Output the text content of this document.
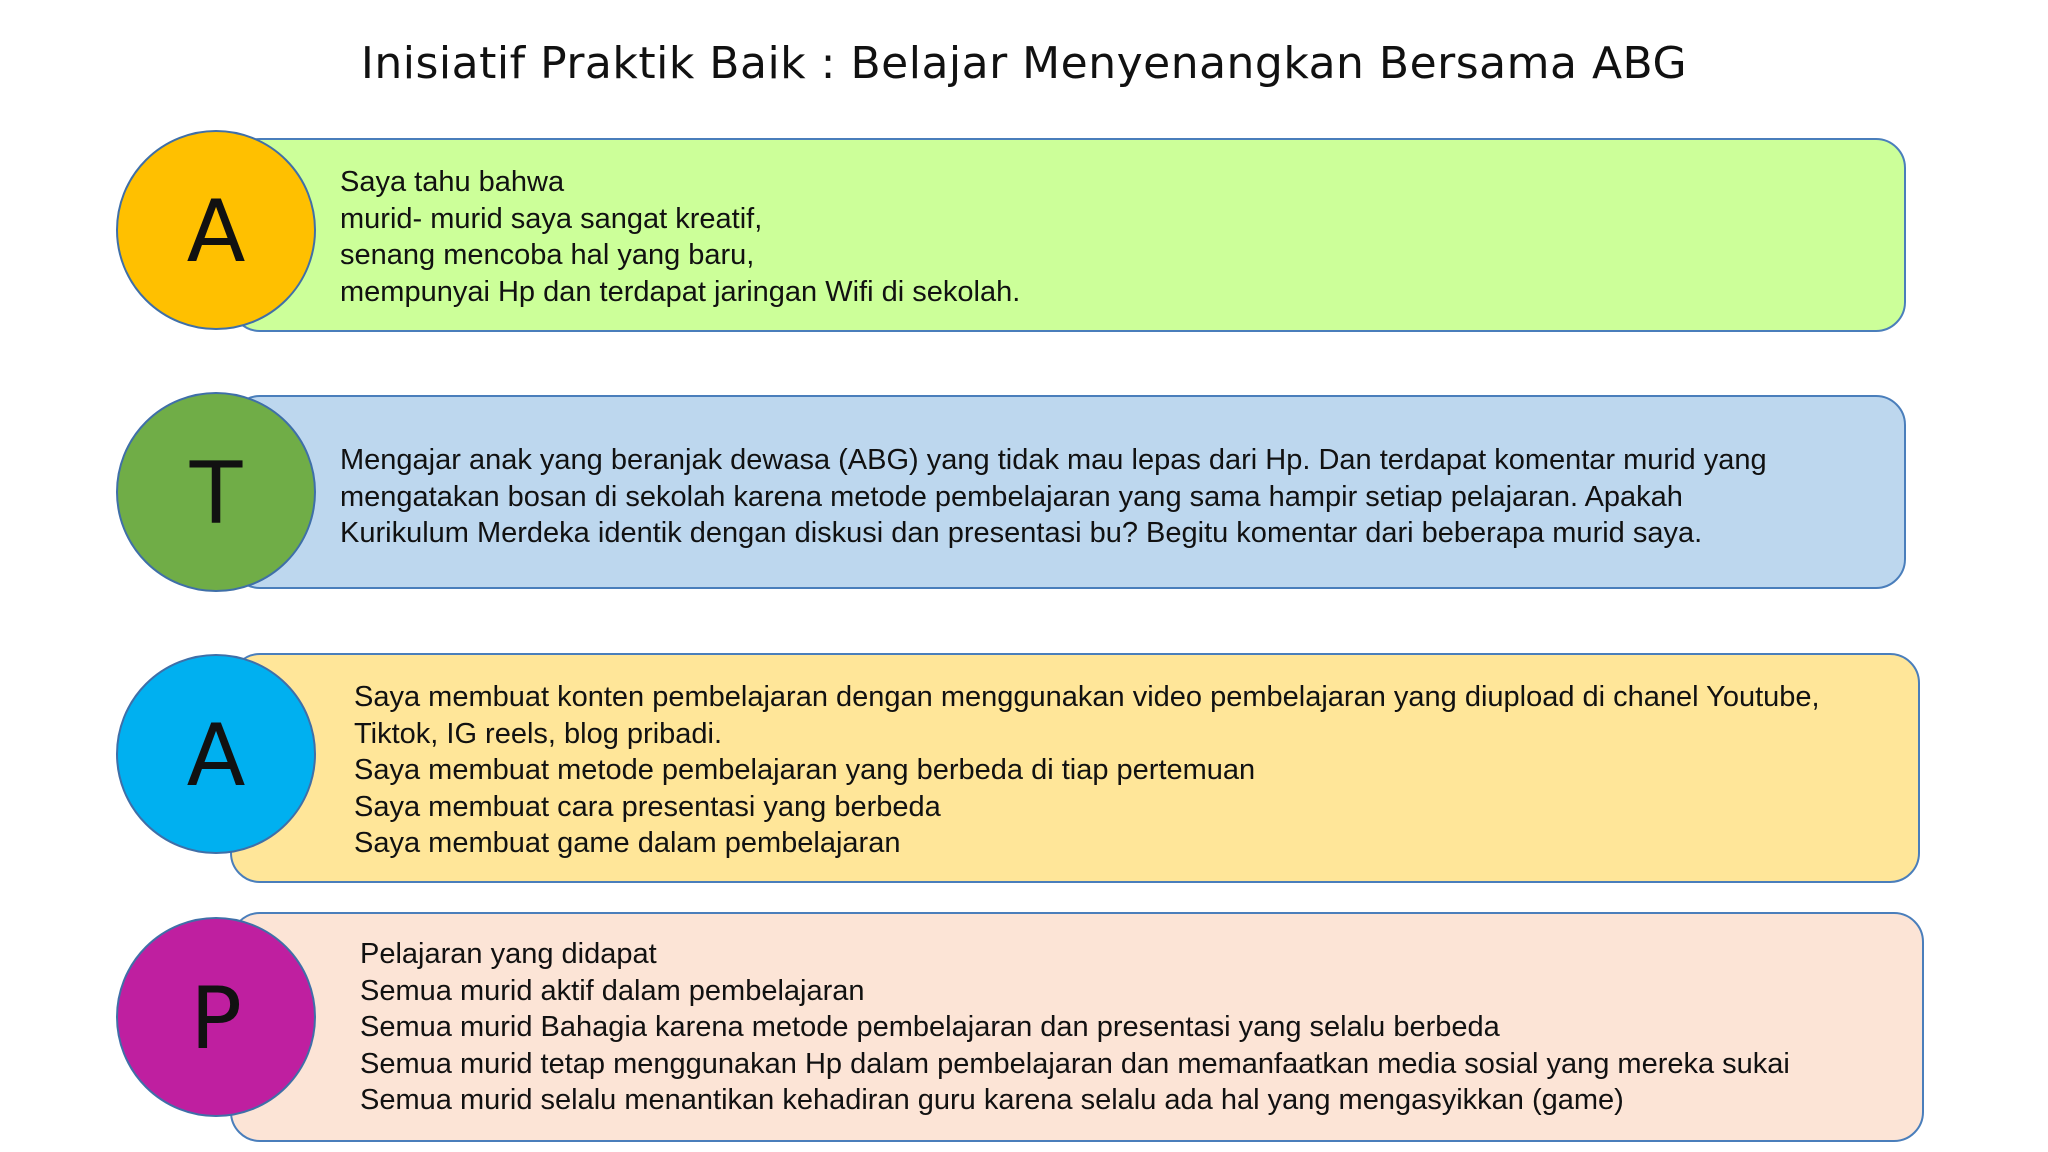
Inisiatif Praktik Baik : Belajar Menyenangkan Bersama ABG
Saya tahu bahwa
murid- murid saya sangat kreatif,
senang mencoba hal yang baru,
mempunyai Hp dan terdapat jaringan Wifi di sekolah.
A
Mengajar anak yang beranjak dewasa (ABG) yang tidak mau lepas dari Hp. Dan terdapat komentar murid yang
mengatakan bosan di sekolah karena metode pembelajaran yang sama hampir setiap pelajaran. Apakah
Kurikulum Merdeka identik dengan diskusi dan presentasi bu? Begitu komentar dari beberapa murid saya.
T
Saya membuat konten pembelajaran dengan menggunakan video pembelajaran yang diupload di chanel Youtube,
Tiktok, IG reels, blog pribadi.
Saya membuat metode pembelajaran yang berbeda di tiap pertemuan
Saya membuat cara presentasi yang berbeda
Saya membuat game dalam pembelajaran
A
Pelajaran yang didapat
Semua murid aktif dalam pembelajaran
Semua murid Bahagia karena metode pembelajaran dan presentasi yang selalu berbeda
Semua murid tetap menggunakan Hp dalam pembelajaran dan memanfaatkan media sosial yang mereka sukai
Semua murid selalu menantikan kehadiran guru karena selalu ada hal yang mengasyikkan (game)
P
